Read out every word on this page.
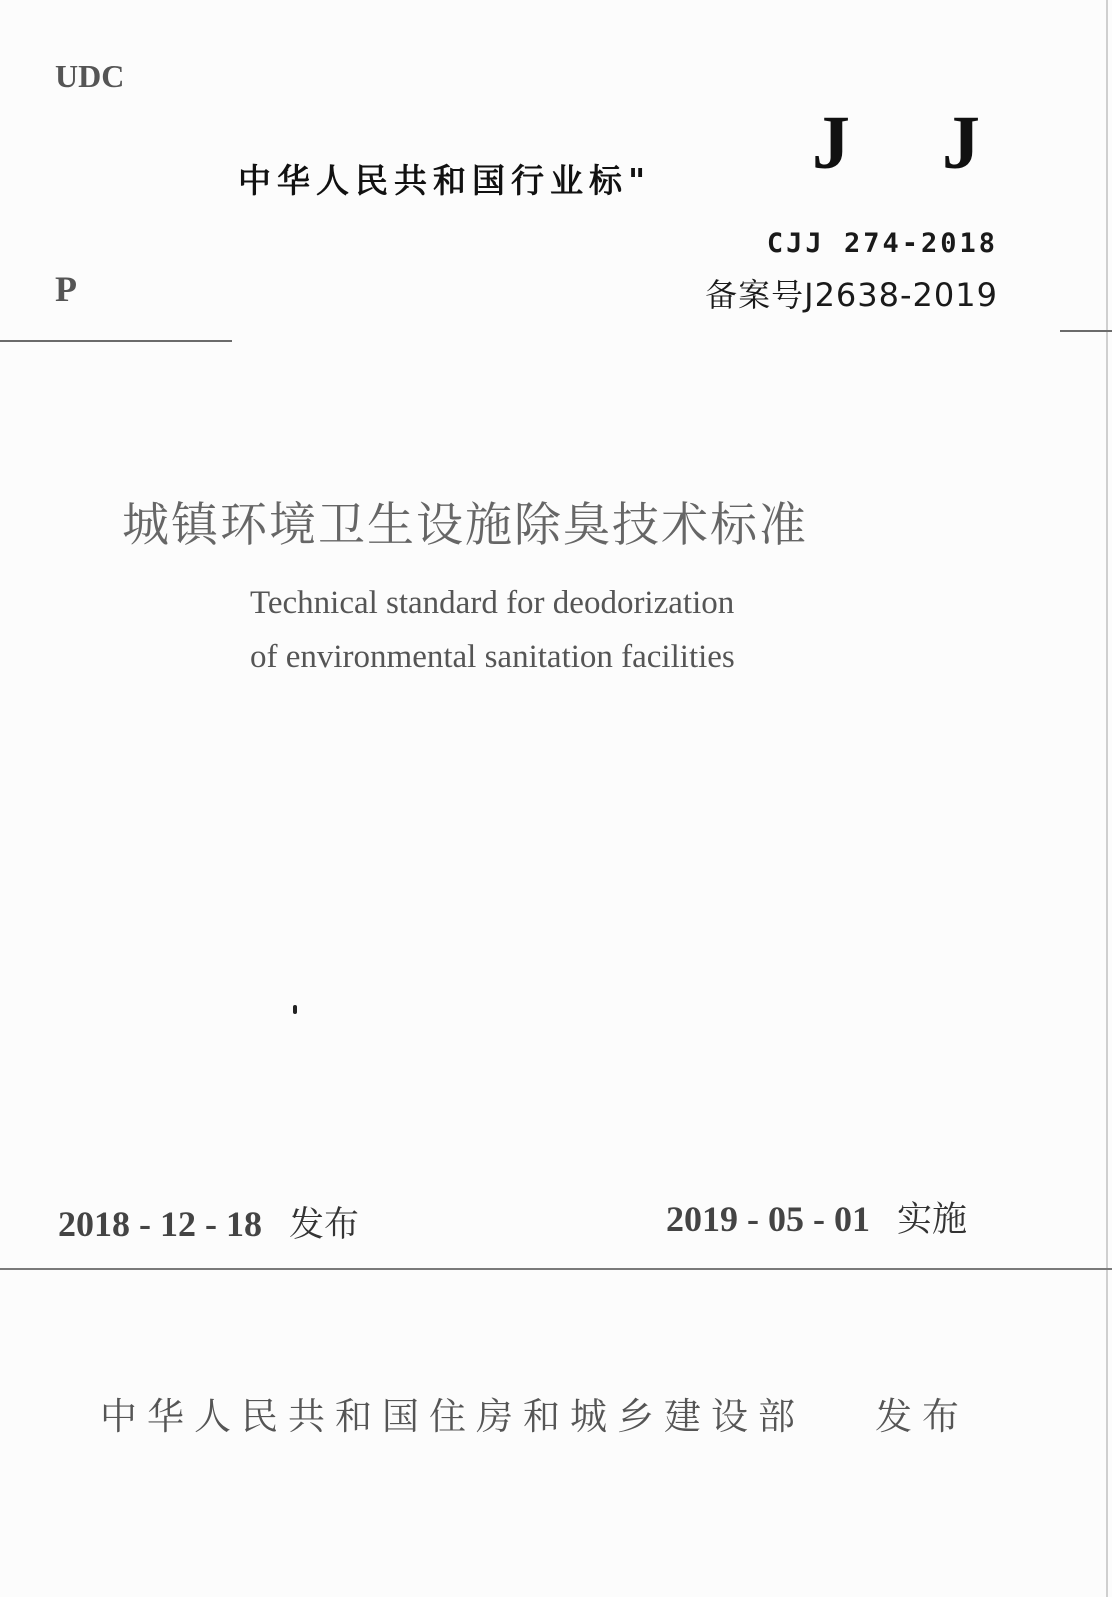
UDC
P
中华人民共和国行业标" JJ
CJJ 274-2018
备案号J2638-2019
城镇环境卫生设施除臭技术标准
Technical standard for deodorization
of environmental sanitation facilities
2018 - 12 - 18 发布	2019 - 05 - 01 实施
中华人民共和国住房和城乡建设部 发布
